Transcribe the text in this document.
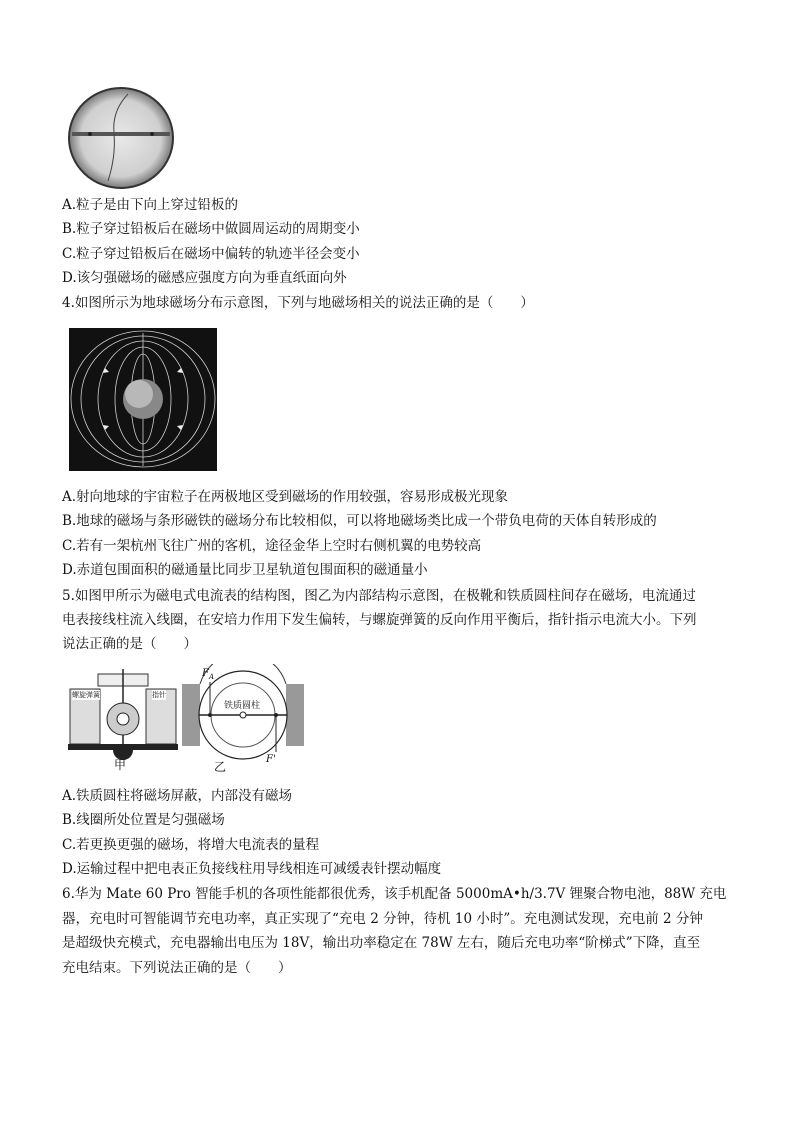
A.粒子是由下向上穿过铅板的
B.粒子穿过铅板后在磁场中做圆周运动的周期变小
C.粒子穿过铅板后在磁场中偏转的轨迹半径会变小
D.该匀强磁场的磁感应强度方向为垂直纸面向外
4.如图所示为地球磁场分布示意图，下列与地磁场相关的说法正确的是（　　）
A.射向地球的宇宙粒子在两极地区受到磁场的作用较强，容易形成极光现象
B.地球的磁场与条形磁铁的磁场分布比较相似，可以将地磁场类比成一个带负电荷的天体自转形成的
C.若有一架杭州飞往广州的客机，途径金华上空时右侧机翼的电势较高
D.赤道包围面积的磁通量比同步卫星轨道包围面积的磁通量小
5.如图甲所示为磁电式电流表的结构图，图乙为内部结构示意图，在极靴和铁质圆柱间存在磁场，电流通过
电表接线柱流入线圈，在安培力作用下发生偏转，与螺旋弹簧的反向作用平衡后，指针指示电流大小。下列
说法正确的是（　　）
螺旋弹簧	指针
甲
$F_A$
铁质圆柱
F'
乙
A.铁质圆柱将磁场屏蔽，内部没有磁场
B.线圈所处位置是匀强磁场
C.若更换更强的磁场，将增大电流表的量程
D.运输过程中把电表正负接线柱用导线相连可减缓表针摆动幅度
6.华为 Mate 60 Pro 智能手机的各项性能都很优秀，该手机配备 5000mA•h/3.7V 锂聚合物电池，88W 充电
器，充电时可智能调节充电功率，真正实现了“充电 2 分钟，待机 10 小时”。充电测试发现，充电前 2 分钟
是超级快充模式，充电器输出电压为 18V，输出功率稳定在 78W 左右，随后充电功率“阶梯式”下降，直至
充电结束。下列说法正确的是（　　）
